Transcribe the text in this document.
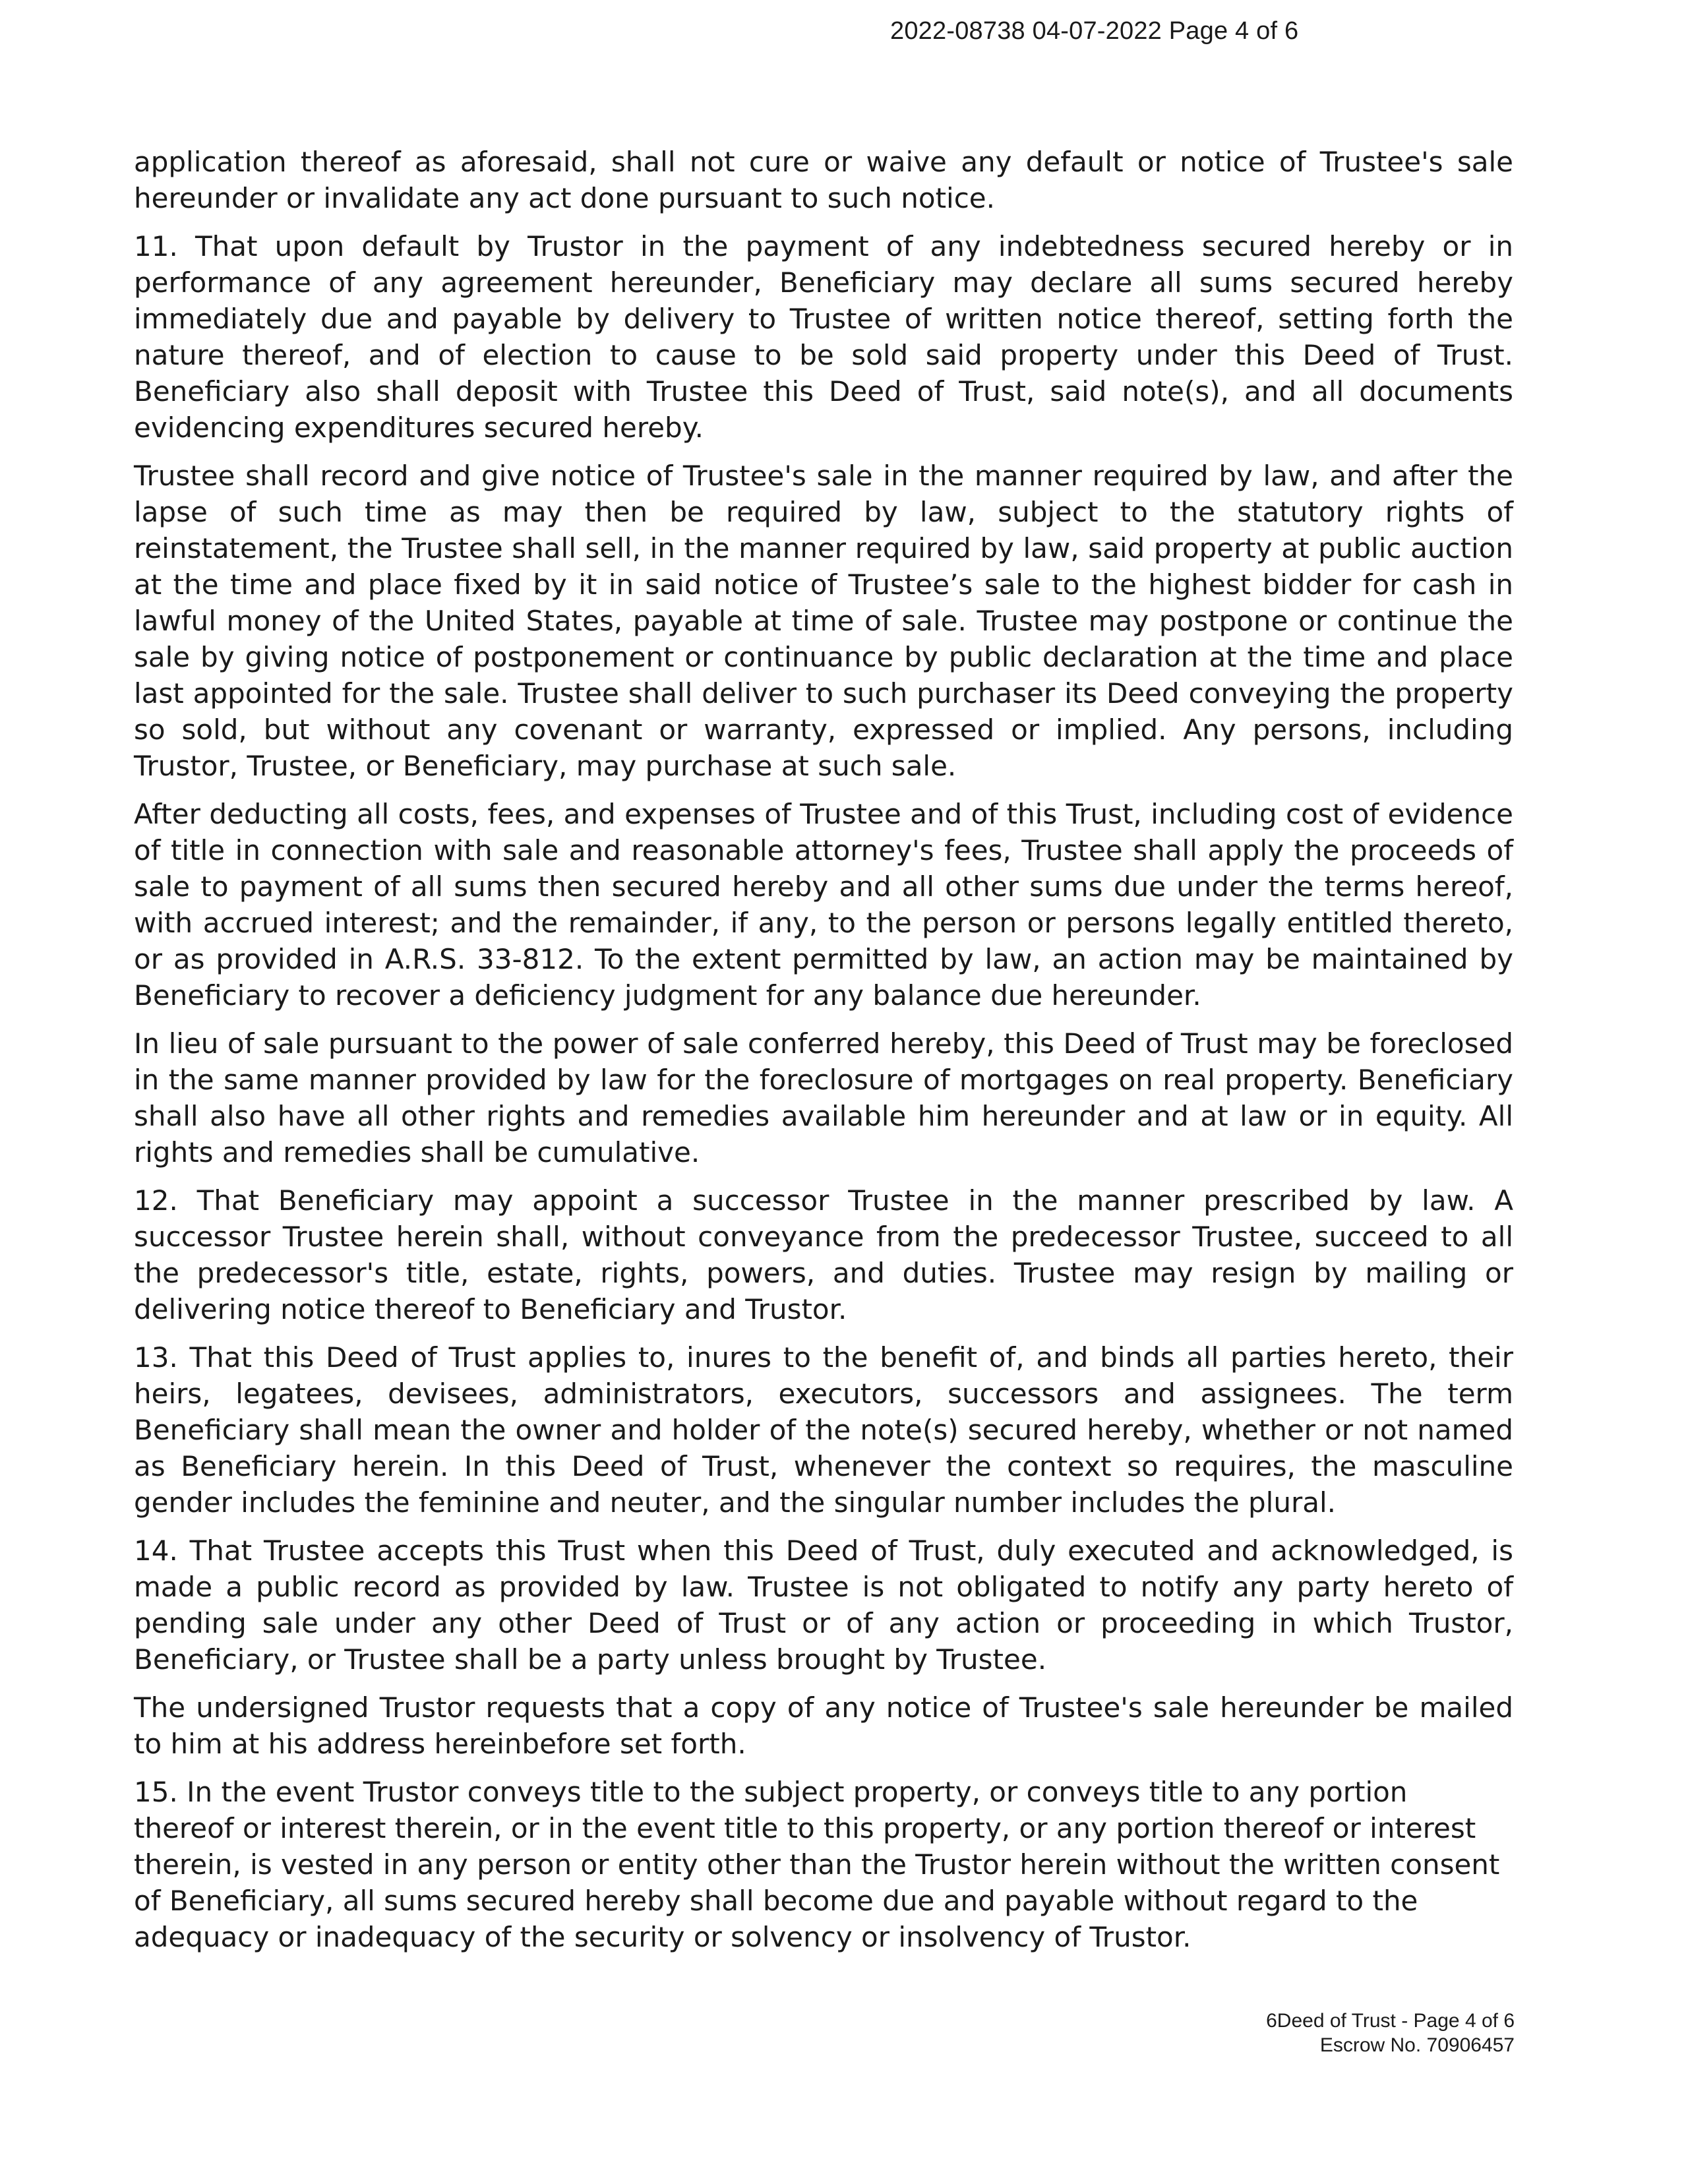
2022-08738 04-07-2022 Page 4 of 6

application thereof as aforesaid, shall not cure or waive any default or notice of Trustee's sale hereunder or invalidate any act done pursuant to such notice.

11. That upon default by Trustor in the payment of any indebtedness secured hereby or in performance of any agreement hereunder, Beneficiary may declare all sums secured hereby immediately due and payable by delivery to Trustee of written notice thereof, setting forth the nature thereof, and of election to cause to be sold said property under this Deed of Trust. Beneficiary also shall deposit with Trustee this Deed of Trust, said note(s), and all documents evidencing expenditures secured hereby.

Trustee shall record and give notice of Trustee's sale in the manner required by law, and after the lapse of such time as may then be required by law, subject to the statutory rights of reinstatement, the Trustee shall sell, in the manner required by law, said property at public auction at the time and place fixed by it in said notice of Trustee’s sale to the highest bidder for cash in lawful money of the United States, payable at time of sale. Trustee may postpone or continue the sale by giving notice of postponement or continuance by public declaration at the time and place last appointed for the sale. Trustee shall deliver to such purchaser its Deed conveying the property so sold, but without any covenant or warranty, expressed or implied. Any persons, including Trustor, Trustee, or Beneficiary, may purchase at such sale.

After deducting all costs, fees, and expenses of Trustee and of this Trust, including cost of evidence of title in connection with sale and reasonable attorney's fees, Trustee shall apply the proceeds of sale to payment of all sums then secured hereby and all other sums due under the terms hereof, with accrued interest; and the remainder, if any, to the person or persons legally entitled thereto, or as provided in A.R.S. 33-812. To the extent permitted by law, an action may be maintained by Beneficiary to recover a deficiency judgment for any balance due hereunder.

In lieu of sale pursuant to the power of sale conferred hereby, this Deed of Trust may be foreclosed in the same manner provided by law for the foreclosure of mortgages on real property. Beneficiary shall also have all other rights and remedies available him hereunder and at law or in equity. All rights and remedies shall be cumulative.

12. That Beneficiary may appoint a successor Trustee in the manner prescribed by law. A successor Trustee herein shall, without conveyance from the predecessor Trustee, succeed to all the predecessor's title, estate, rights, powers, and duties. Trustee may resign by mailing or delivering notice thereof to Beneficiary and Trustor.

13. That this Deed of Trust applies to, inures to the benefit of, and binds all parties hereto, their heirs, legatees, devisees, administrators, executors, successors and assignees. The term Beneficiary shall mean the owner and holder of the note(s) secured hereby, whether or not named as Beneficiary herein. In this Deed of Trust, whenever the context so requires, the masculine gender includes the feminine and neuter, and the singular number includes the plural.

14. That Trustee accepts this Trust when this Deed of Trust, duly executed and acknowledged, is made a public record as provided by law. Trustee is not obligated to notify any party hereto of pending sale under any other Deed of Trust or of any action or proceeding in which Trustor, Beneficiary, or Trustee shall be a party unless brought by Trustee.

The undersigned Trustor requests that a copy of any notice of Trustee's sale hereunder be mailed to him at his address hereinbefore set forth.

15. In the event Trustor conveys title to the subject property, or conveys title to any portion thereof or interest therein, or in the event title to this property, or any portion thereof or interest therein, is vested in any person or entity other than the Trustor herein without the written consent of Beneficiary, all sums secured hereby shall become due and payable without regard to the adequacy or inadequacy of the security or solvency or insolvency of Trustor.

6Deed of Trust - Page 4 of 6
Escrow No. 70906457
